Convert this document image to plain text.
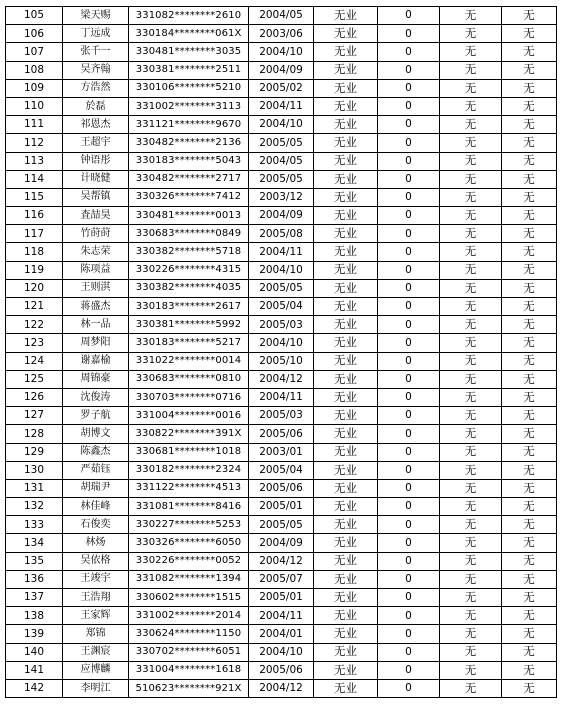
105	梁天赐	331082********2610	2004/05	无业	0	无	无
106	丁远成	330184********061X	2003/06	无业	0	无	无
107	张千一	330481********3035	2004/10	无业	0	无	无
108	吴齐翰	330381********2511	2004/09	无业	0	无	无
109	方浩然	330106********5210	2005/02	无业	0	无	无
110	於磊	331002********3113	2004/11	无业	0	无	无
111	祁恩杰	331121********9670	2004/10	无业	0	无	无
112	王超宇	330482********2136	2005/05	无业	0	无	无
113	钟语彤	330183********5043	2004/05	无业	0	无	无
114	计晓健	330482********2717	2005/05	无业	0	无	无
115	吴帮镇	330326********7412	2003/12	无业	0	无	无
116	査喆昊	330481********0013	2004/09	无业	0	无	无
117	竹莳莳	330683********0849	2005/08	无业	0	无	无
118	朱志荣	330382********5718	2004/11	无业	0	无	无
119	陈项益	330226********4315	2004/10	无业	0	无	无
120	王则淇	330382********4035	2005/05	无业	0	无	无
121	蒋盛杰	330183********2617	2005/04	无业	0	无	无
122	林一品	330381********5992	2005/03	无业	0	无	无
123	周梦阳	330183********5217	2004/10	无业	0	无	无
124	谢嘉榆	331022********0014	2005/10	无业	0	无	无
125	周锦豪	330683********0810	2004/12	无业	0	无	无
126	沈俊涛	330703********0716	2004/11	无业	0	无	无
127	罗子航	331004********0016	2005/03	无业	0	无	无
128	胡博文	330822********391X	2005/06	无业	0	无	无
129	陈鑫杰	330681********1018	2003/01	无业	0	无	无
130	严茹钰	330182********2324	2005/04	无业	0	无	无
131	胡瑞尹	331122********4513	2005/06	无业	0	无	无
132	林佳峰	331081********8416	2005/01	无业	0	无	无
133	石俊奕	330227********5253	2005/05	无业	0	无	无
134	林炀	330326********6050	2004/09	无业	0	无	无
135	吴依格	330226********0052	2004/12	无业	0	无	无
136	王竣宇	331082********1394	2005/07	无业	0	无	无
137	王浩翔	330602********1515	2005/01	无业	0	无	无
138	王家辉	331002********2014	2004/11	无业	0	无	无
139	郑锦	330624********1150	2004/01	无业	0	无	无
140	王渊宸	330702********6051	2004/10	无业	0	无	无
141	应博麟	331004********1618	2005/06	无业	0	无	无
142	李明江	510623********921X	2004/12	无业	0	无	无
